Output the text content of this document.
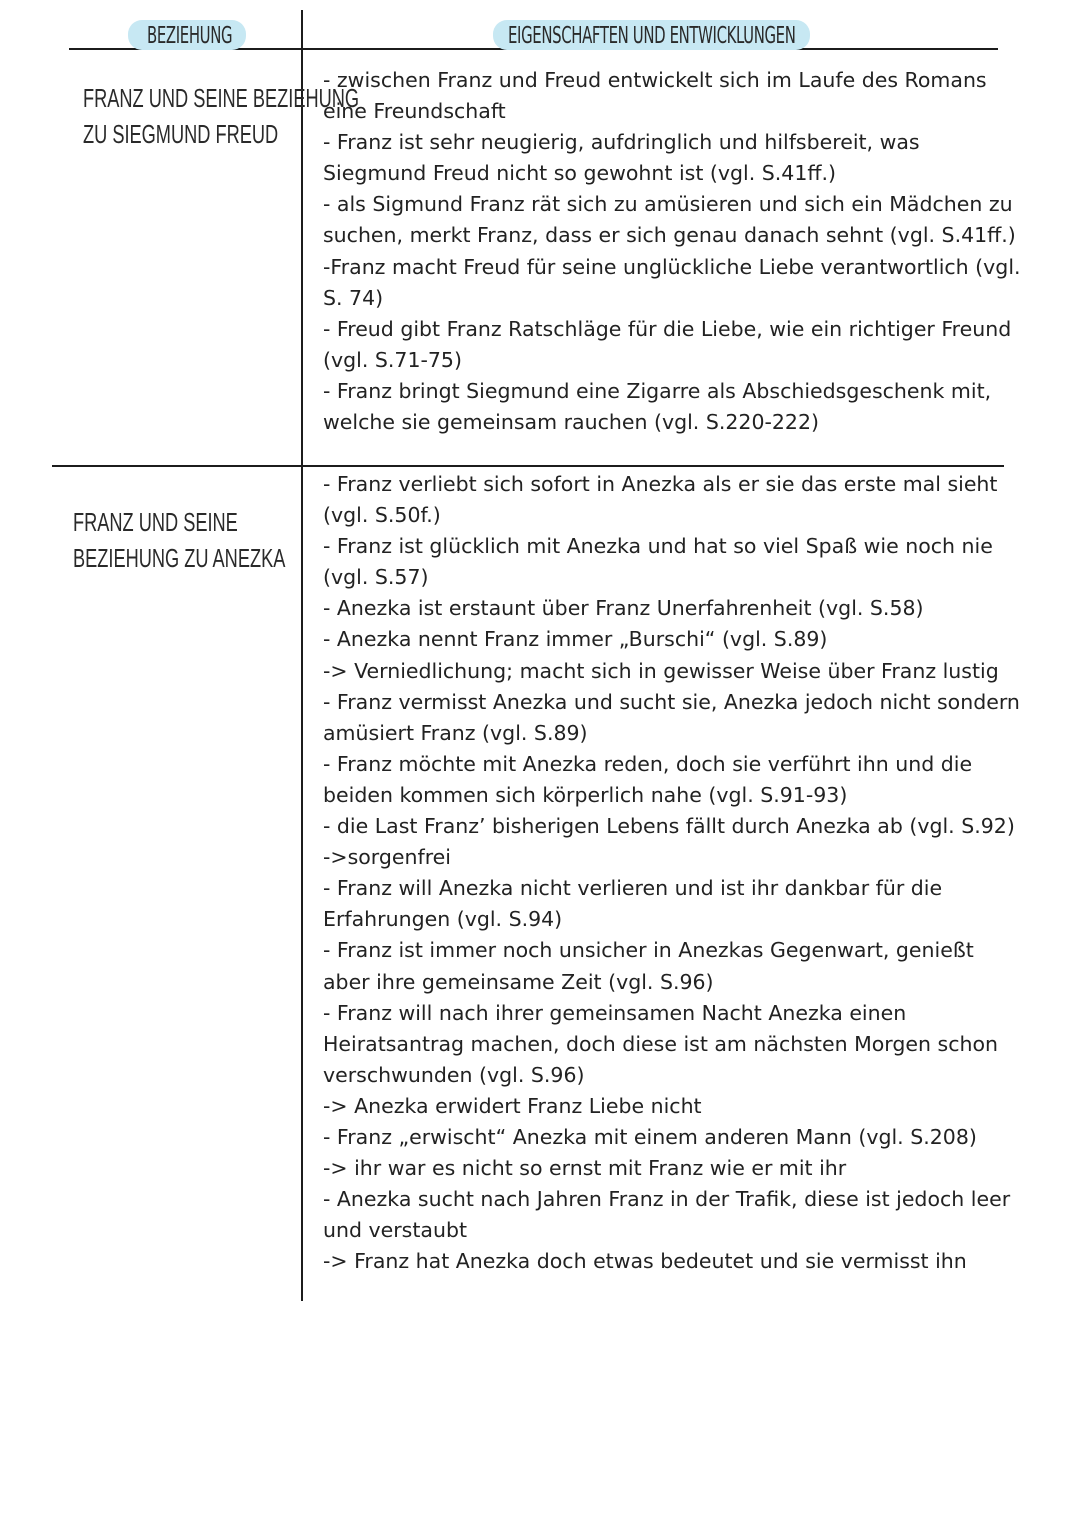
BEZIEHUNG	EIGENSCHAFTEN UND ENTWICKLUNGEN
FRANZ UND SEINE BEZIEHUNG
ZU SIEGMUND FREUD
- zwischen Franz und Freud entwickelt sich im Laufe des Romans
eine Freundschaft
- Franz ist sehr neugierig, aufdringlich und hilfsbereit, was
Siegmund Freud nicht so gewohnt ist (vgl. S.41ff.)
- als Sigmund Franz rät sich zu amüsieren und sich ein Mädchen zu
suchen, merkt Franz, dass er sich genau danach sehnt (vgl. S.41ff.)
-Franz macht Freud für seine unglückliche Liebe verantwortlich (vgl.
S. 74)
- Freud gibt Franz Ratschläge für die Liebe, wie ein richtiger Freund
(vgl. S.71-75)
- Franz bringt Siegmund eine Zigarre als Abschiedsgeschenk mit,
welche sie gemeinsam rauchen (vgl. S.220-222)
FRANZ UND SEINE
BEZIEHUNG ZU ANEZKA
- Franz verliebt sich sofort in Anezka als er sie das erste mal sieht
(vgl. S.50f.)
- Franz ist glücklich mit Anezka und hat so viel Spaß wie noch nie
(vgl. S.57)
- Anezka ist erstaunt über Franz Unerfahrenheit (vgl. S.58)
- Anezka nennt Franz immer „Burschi“ (vgl. S.89)
-> Verniedlichung; macht sich in gewisser Weise über Franz lustig
- Franz vermisst Anezka und sucht sie, Anezka jedoch nicht sondern
amüsiert Franz (vgl. S.89)
- Franz möchte mit Anezka reden, doch sie verführt ihn und die
beiden kommen sich körperlich nahe (vgl. S.91-93)
- die Last Franz’ bisherigen Lebens fällt durch Anezka ab (vgl. S.92)
->sorgenfrei
- Franz will Anezka nicht verlieren und ist ihr dankbar für die
Erfahrungen (vgl. S.94)
- Franz ist immer noch unsicher in Anezkas Gegenwart, genießt
aber ihre gemeinsame Zeit (vgl. S.96)
- Franz will nach ihrer gemeinsamen Nacht Anezka einen
Heiratsantrag machen, doch diese ist am nächsten Morgen schon
verschwunden (vgl. S.96)
-> Anezka erwidert Franz Liebe nicht
- Franz „erwischt“ Anezka mit einem anderen Mann (vgl. S.208)
-> ihr war es nicht so ernst mit Franz wie er mit ihr
- Anezka sucht nach Jahren Franz in der Trafik, diese ist jedoch leer
und verstaubt
-> Franz hat Anezka doch etwas bedeutet und sie vermisst ihn
